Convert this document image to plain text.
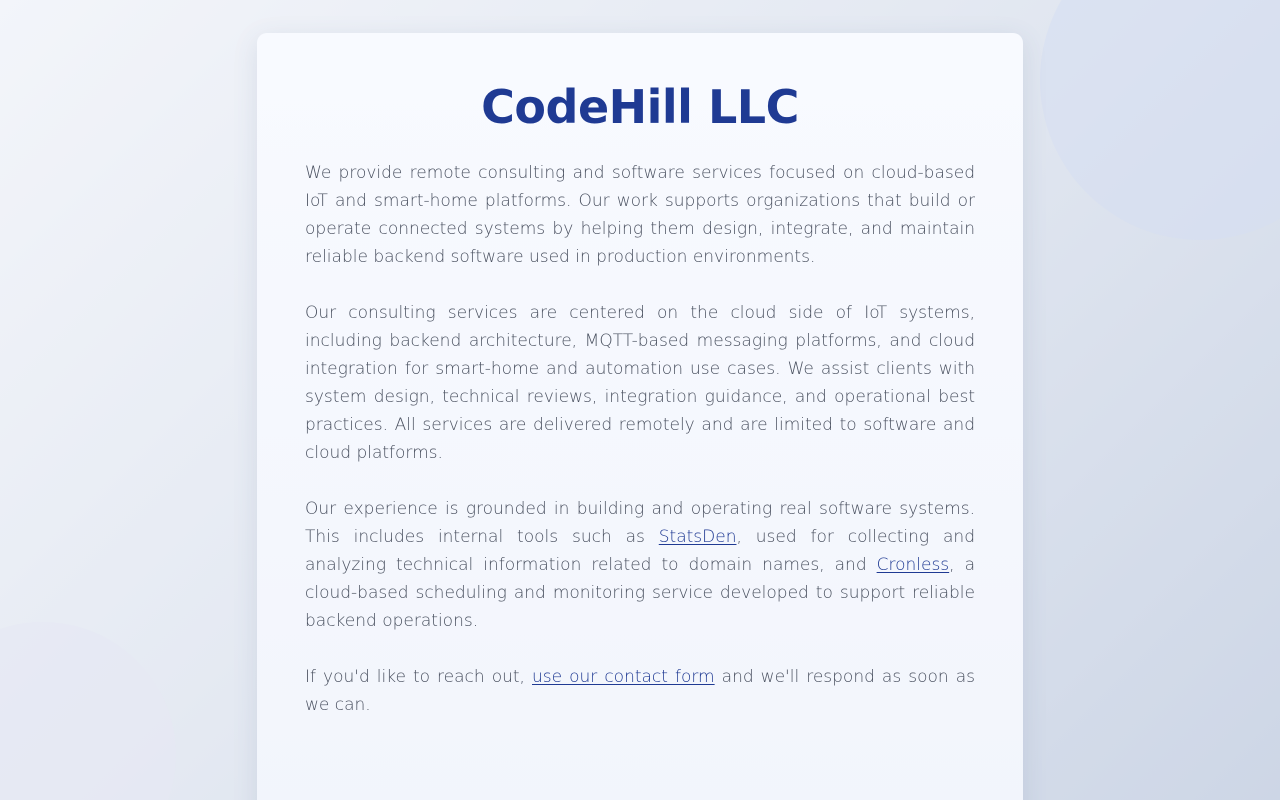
CodeHill LLC

We provide remote consulting and software services focused on cloud-based IoT and smart-home platforms. Our work supports organizations that build or operate connected systems by helping them design, integrate, and maintain reliable backend software used in production environments.

Our consulting services are centered on the cloud side of IoT systems, including backend architecture, MQTT-based messaging platforms, and cloud integration for smart-home and automation use cases. We assist clients with system design, technical reviews, integration guidance, and operational best practices. All services are delivered remotely and are limited to software and cloud platforms.

Our experience is grounded in building and operating real software systems. This includes internal tools such as StatsDen, used for collecting and analyzing technical information related to domain names, and Cronless, a cloud-based scheduling and monitoring service developed to support reliable backend operations.

If you'd like to reach out, use our contact form and we'll respond as soon as we can.
